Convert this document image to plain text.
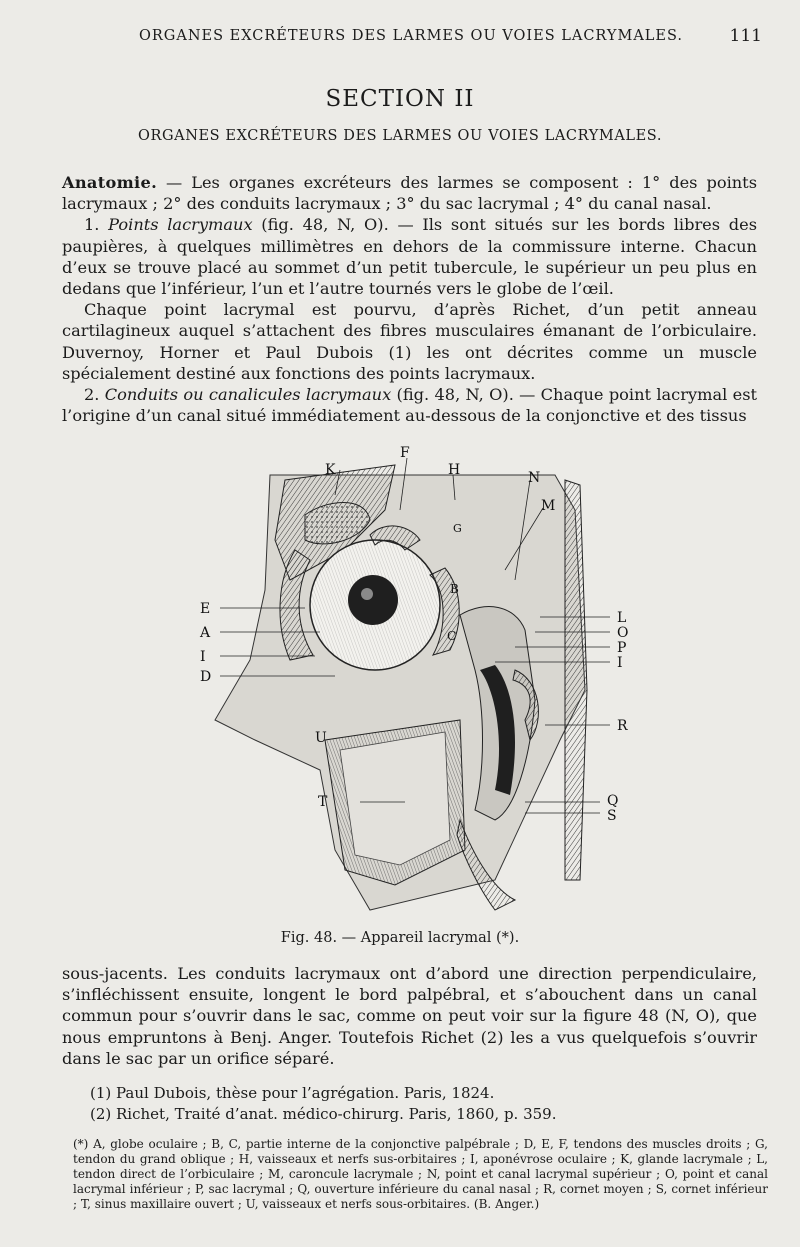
ORGANES EXCRÉTEURS DES LARMES OU VOIES LACRYMALES.	111
SECTION II
ORGANES EXCRÉTEURS DES LARMES OU VOIES LACRYMALES.

Anatomie. — Les organes excréteurs des larmes se composent : 1° des points lacrymaux ; 2° des conduits lacrymaux ; 3° du sac lacrymal ; 4° du canal nasal.

1. Points lacrymaux (fig. 48, N, O). — Ils sont situés sur les bords libres des paupières, à quelques millimètres en dehors de la commissure interne. Chacun d’eux se trouve placé au sommet d’un petit tubercule, le supérieur un peu plus en dedans que l’inférieur, l’un et l’autre tournés vers le globe de l’œil.

Chaque point lacrymal est pourvu, d’après Richet, d’un petit anneau cartilagineux auquel s’attachent des fibres musculaires émanant de l’orbiculaire. Duvernoy, Horner et Paul Dubois (1) les ont décrites comme un muscle spécialement destiné aux fonctions des points lacrymaux.

2. Conduits ou canalicules lacrymaux (fig. 48, N, O). — Chaque point lacrymal est l’origine d’un canal situé immédiatement au-dessous de la conjonctive et des tissus

K
F
H	N
M
G
B
C
E
A
I
D
L
O
P
I
R
U
T	Q
S
Fig. 48. — Appareil lacrymal (*).

sous-jacents. Les conduits lacrymaux ont d’abord une direction perpendiculaire, s’infléchissent ensuite, longent le bord palpébral, et s’abouchent dans un canal commun pour s’ouvrir dans le sac, comme on peut voir sur la figure 48 (N, O), que nous empruntons à Benj. Anger. Toutefois Richet (2) les a vus quelquefois s’ouvrir dans le sac par un orifice séparé.

(1) Paul Dubois, thèse pour l’agrégation. Paris, 1824.
(2) Richet, Traité d’anat. médico-chirurg. Paris, 1860, p. 359.

(*) A, globe oculaire ; B, C, partie interne de la conjonctive palpébrale ; D, E, F, tendons des muscles droits ; G, tendon du grand oblique ; H, vaisseaux et nerfs sus-orbitaires ; I, aponévrose oculaire ; K, glande lacrymale ; L, tendon direct de l’orbiculaire ; M, caroncule lacrymale ; N, point et canal lacrymal supérieur ; O, point et canal lacrymal inférieur ; P, sac lacrymal ; Q, ouverture inférieure du canal nasal ; R, cornet moyen ; S, cornet inférieur ; T, sinus maxillaire ouvert ; U, vaisseaux et nerfs sous-orbitaires. (B. Anger.)
